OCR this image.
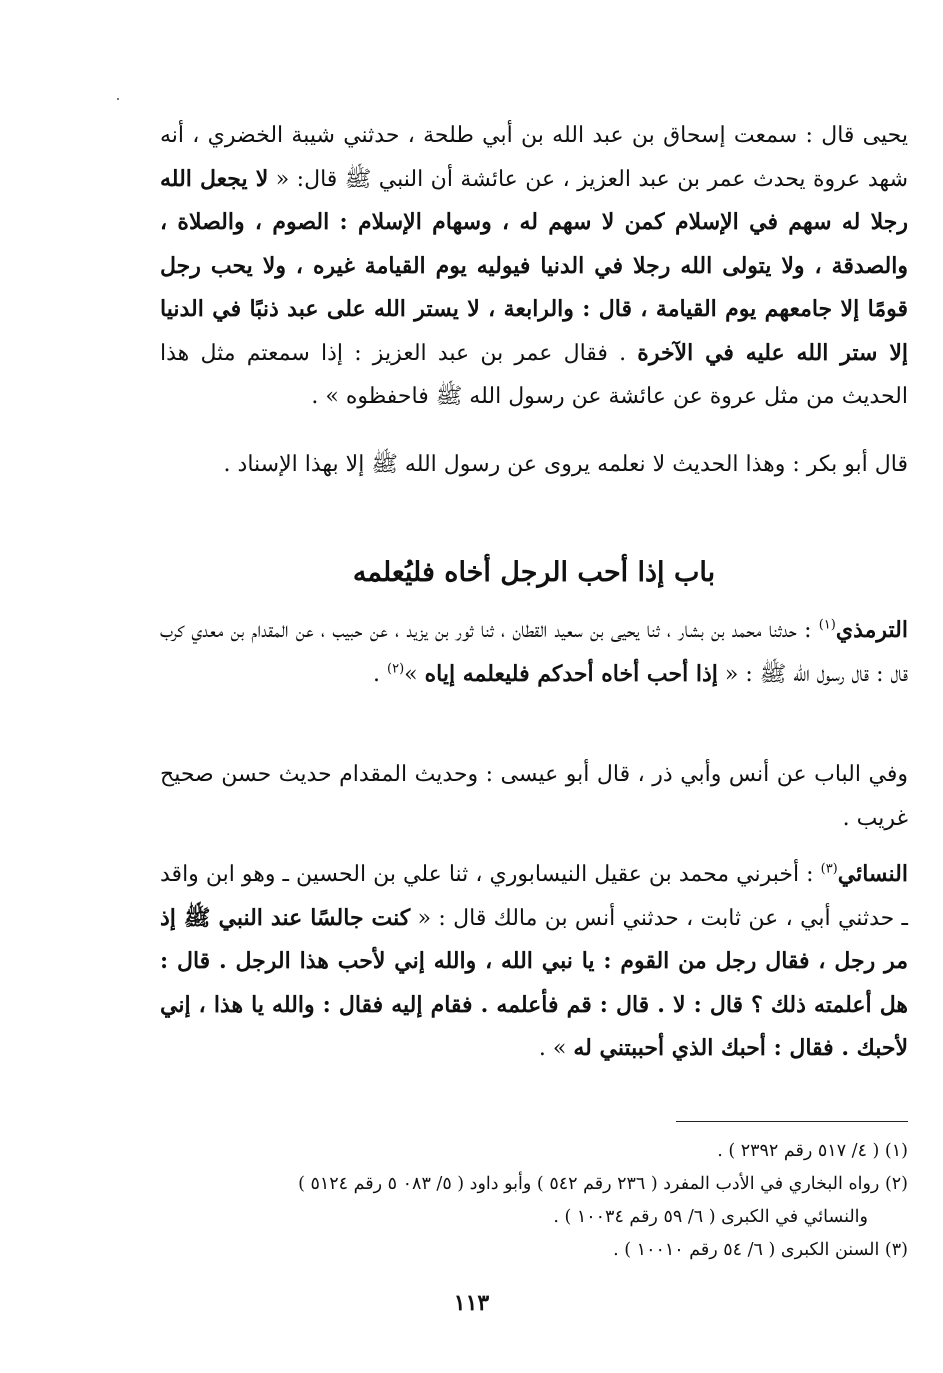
يحيى قال : سمعت إسحاق بن عبد الله بن أبي طلحة ، حدثني شيبة الخضري ، أنه شهد عروة يحدث عمر بن عبد العزيز ، عن عائشة أن النبي ﷺ قال: « لا يجعل الله رجلا له سهم في الإسلام كمن لا سهم له ، وسهام الإسلام : الصوم ، والصلاة ، والصدقة ، ولا يتولى الله رجلا في الدنيا فيوليه يوم القيامة غيره ، ولا يحب رجل قومًا إلا جامعهم يوم القيامة ، قال : والرابعة ، لا يستر الله على عبد ذنبًا في الدنيا إلا ستر الله عليه في الآخرة . فقال عمر بن عبد العزيز : إذا سمعتم مثل هذا الحديث من مثل عروة عن عائشة عن رسول الله ﷺ فاحفظوه » .
قال أبو بكر : وهذا الحديث لا نعلمه يروى عن رسول الله ﷺ إلا بهذا الإسناد .
باب إذا أحب الرجل أخاه فليُعلمه
الترمذي$^{(١)}$ : حدثنا محمد بن بشار ، ثنا يحيى بن سعيد القطان ، ثنا ثور بن يزيد ، عن حبيب ، عن المقدام بن معدي كرب قال : قال رسول الله ﷺ : « إذا أحب أخاه أحدكم فليعلمه إياه »$^{(٢)}$ .
وفي الباب عن أنس وأبي ذر ، قال أبو عيسى : وحديث المقدام حديث حسن صحيح غريب .
النسائي$^{(٣)}$ : أخبرني محمد بن عقيل النيسابوري ، ثنا علي بن الحسين ـ وهو ابن واقد ـ حدثني أبي ، عن ثابت ، حدثني أنس بن مالك قال : « كنت جالسًا عند النبي ﷺ إذ مر رجل ، فقال رجل من القوم : يا نبي الله ، والله إني لأحب هذا الرجل . قال : هل أعلمته ذلك ؟ قال : لا . قال : قم فأعلمه . فقام إليه فقال : والله يا هذا ، إني لأحبك . فقال : أحبك الذي أحببتني له » .
(١) ( ٤/ ٥١٧ رقم ٢٣٩٢ ) .
(٢) رواه البخاري في الأدب المفرد ( ٢٣٦ رقم ٥٤٢ ) وأبو داود ( ٥/ ٠٨٣ ٥ رقم ٥١٢٤ )
والنسائي في الكبرى ( ٦/ ٥٩ رقم ١٠٠٣٤ ) .
(٣) السنن الكبرى ( ٦/ ٥٤ رقم ١٠٠١٠ ) .
١١٣
